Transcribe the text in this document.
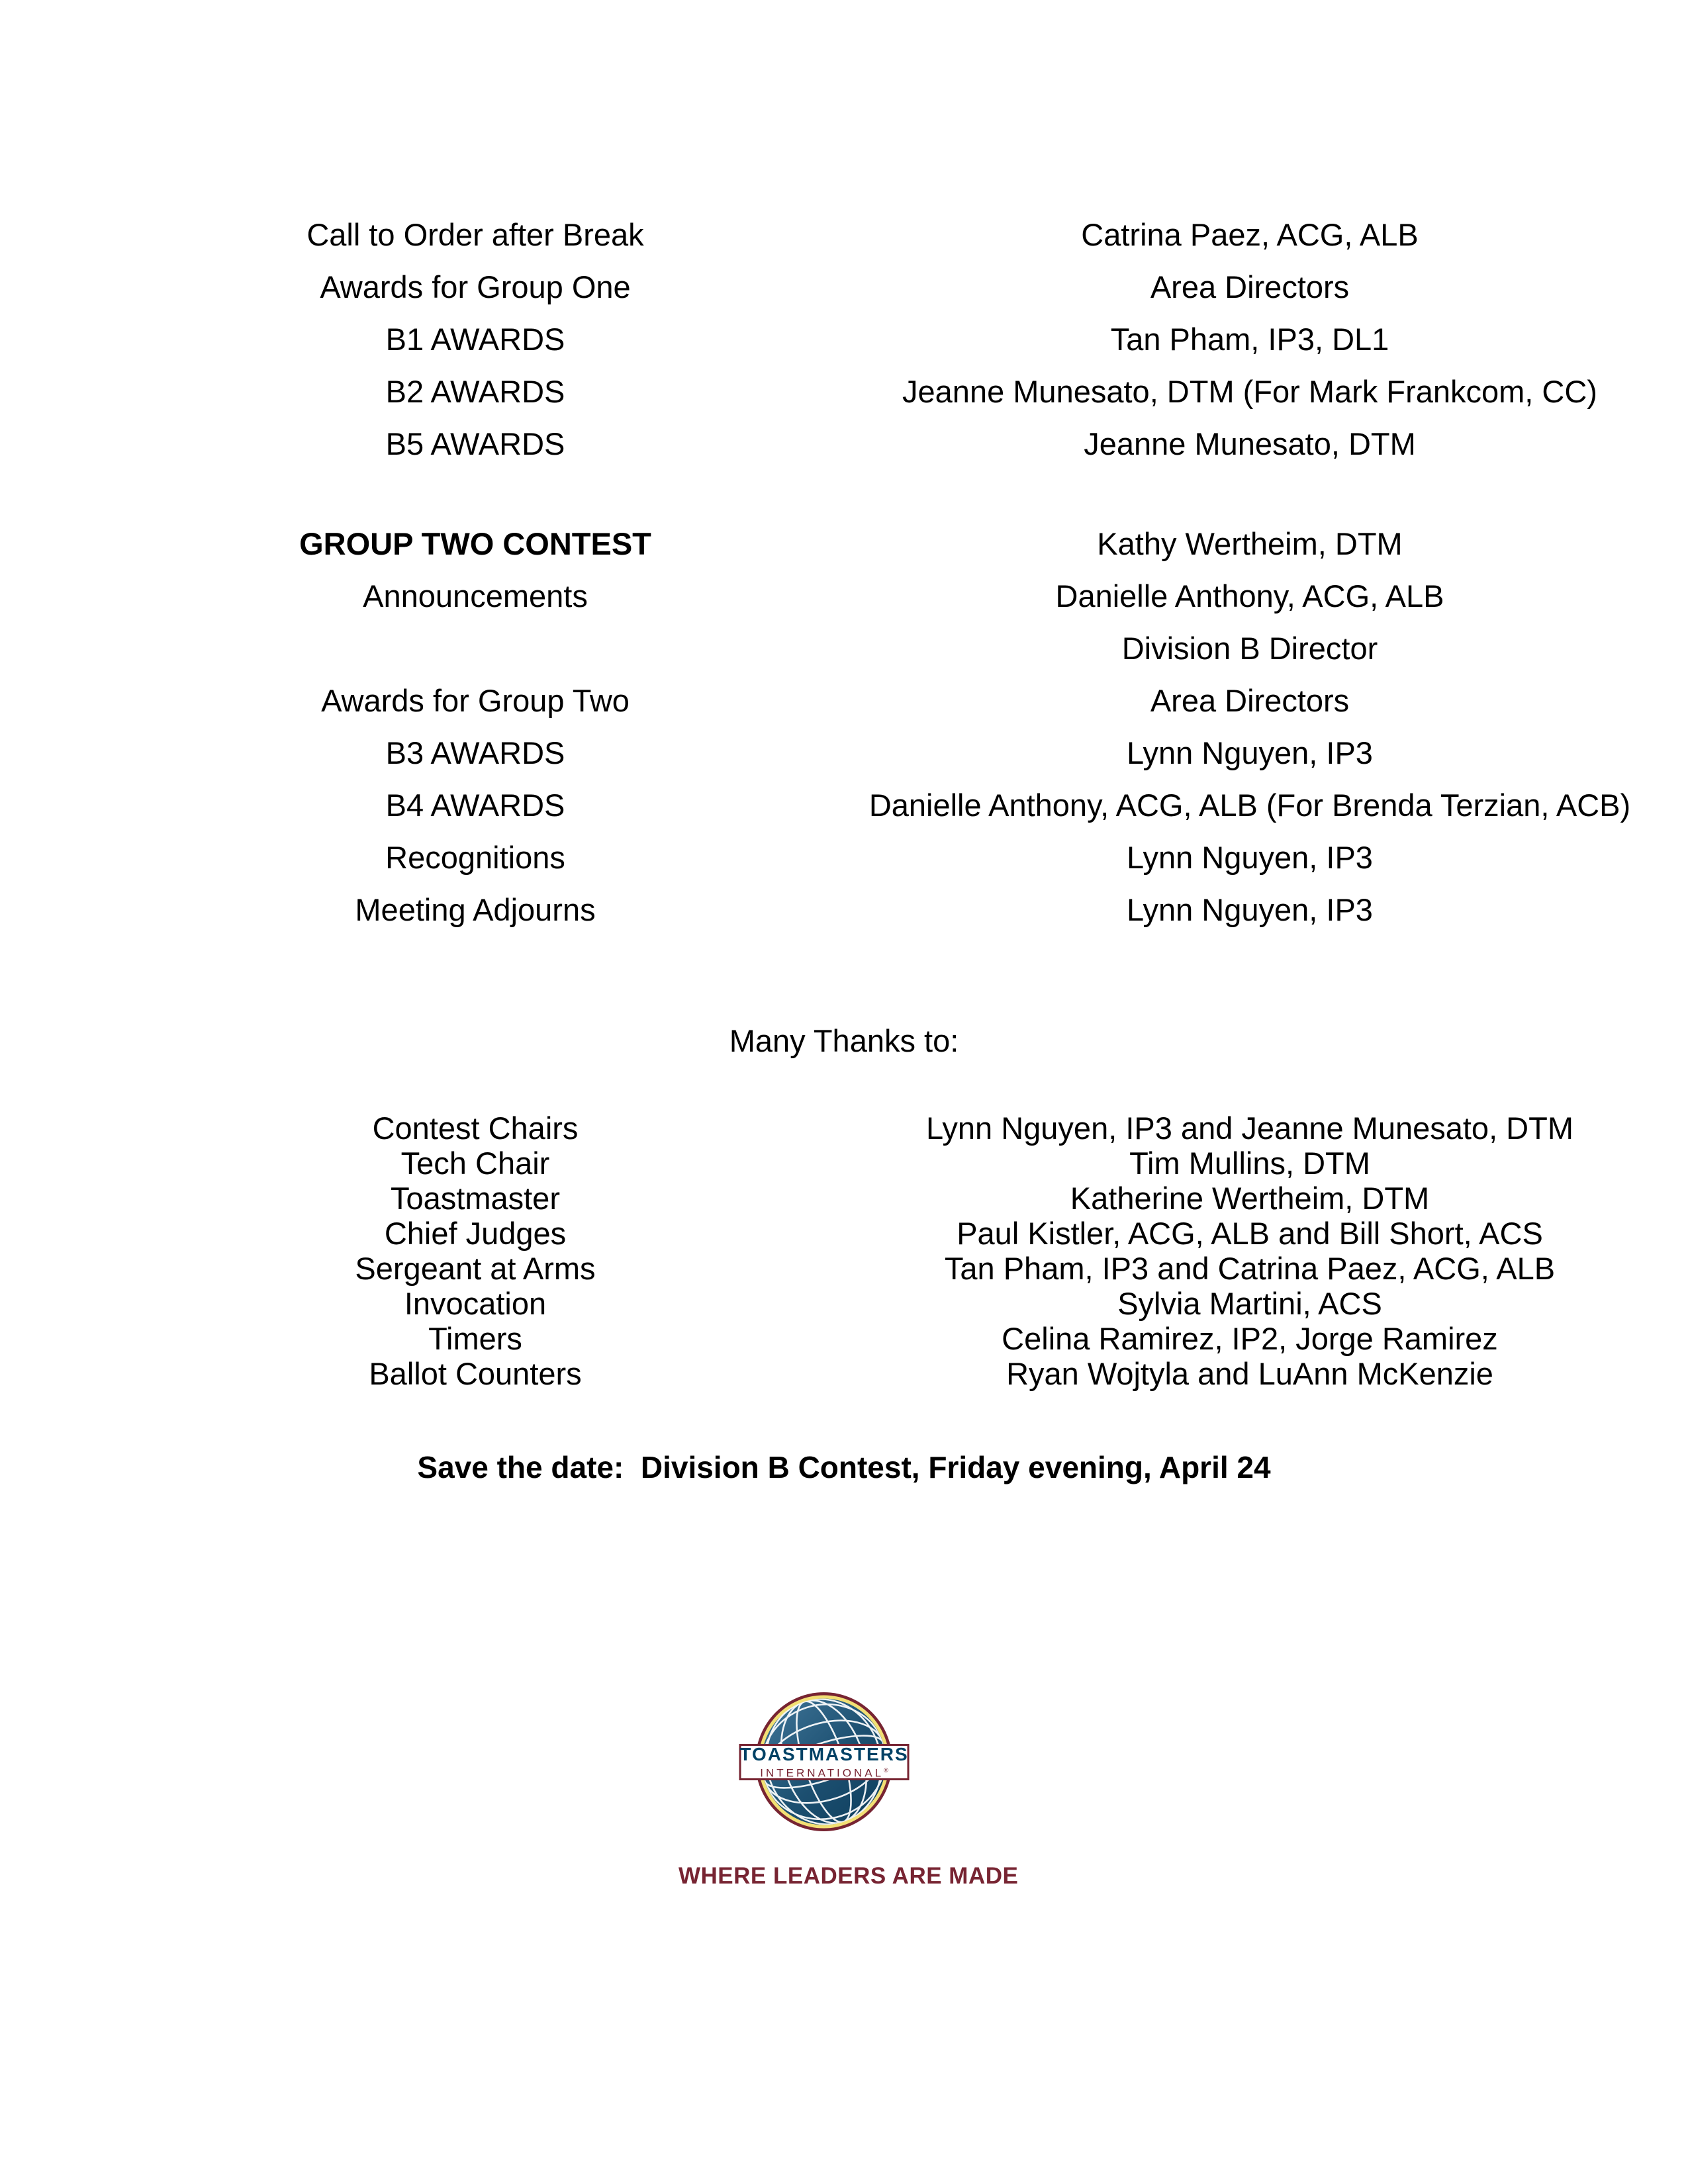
Call to Order after Break	Catrina Paez, ACG, ALB
Awards for Group One	Area Directors
B1 AWARDS	Tan Pham, IP3, DL1
B2 AWARDS	Jeanne Munesato, DTM (For Mark Frankcom, CC)
B5 AWARDS	Jeanne Munesato, DTM
GROUP TWO CONTEST	Kathy Wertheim, DTM
Announcements	Danielle Anthony, ACG, ALB
Division B Director
Awards for Group Two	Area Directors
B3 AWARDS	Lynn Nguyen, IP3
B4 AWARDS	Danielle Anthony, ACG, ALB (For Brenda Terzian, ACB)
Recognitions	Lynn Nguyen, IP3
Meeting Adjourns	Lynn Nguyen, IP3
Many Thanks to:
Contest Chairs	Lynn Nguyen, IP3 and Jeanne Munesato, DTM
Tech Chair	Tim Mullins, DTM
Toastmaster	Katherine Wertheim, DTM
Chief Judges	Paul Kistler, ACG, ALB and Bill Short, ACS
Sergeant at Arms	Tan Pham, IP3 and Catrina Paez, ACG, ALB
Invocation	Sylvia Martini, ACS
Timers	Celina Ramirez, IP2, Jorge Ramirez
Ballot Counters	Ryan Wojtyla and LuAnn McKenzie
Save the date:  Division B Contest, Friday evening, April 24
TOASTMASTERS
INTERNATIONAL®
WHERE LEADERS ARE MADE
